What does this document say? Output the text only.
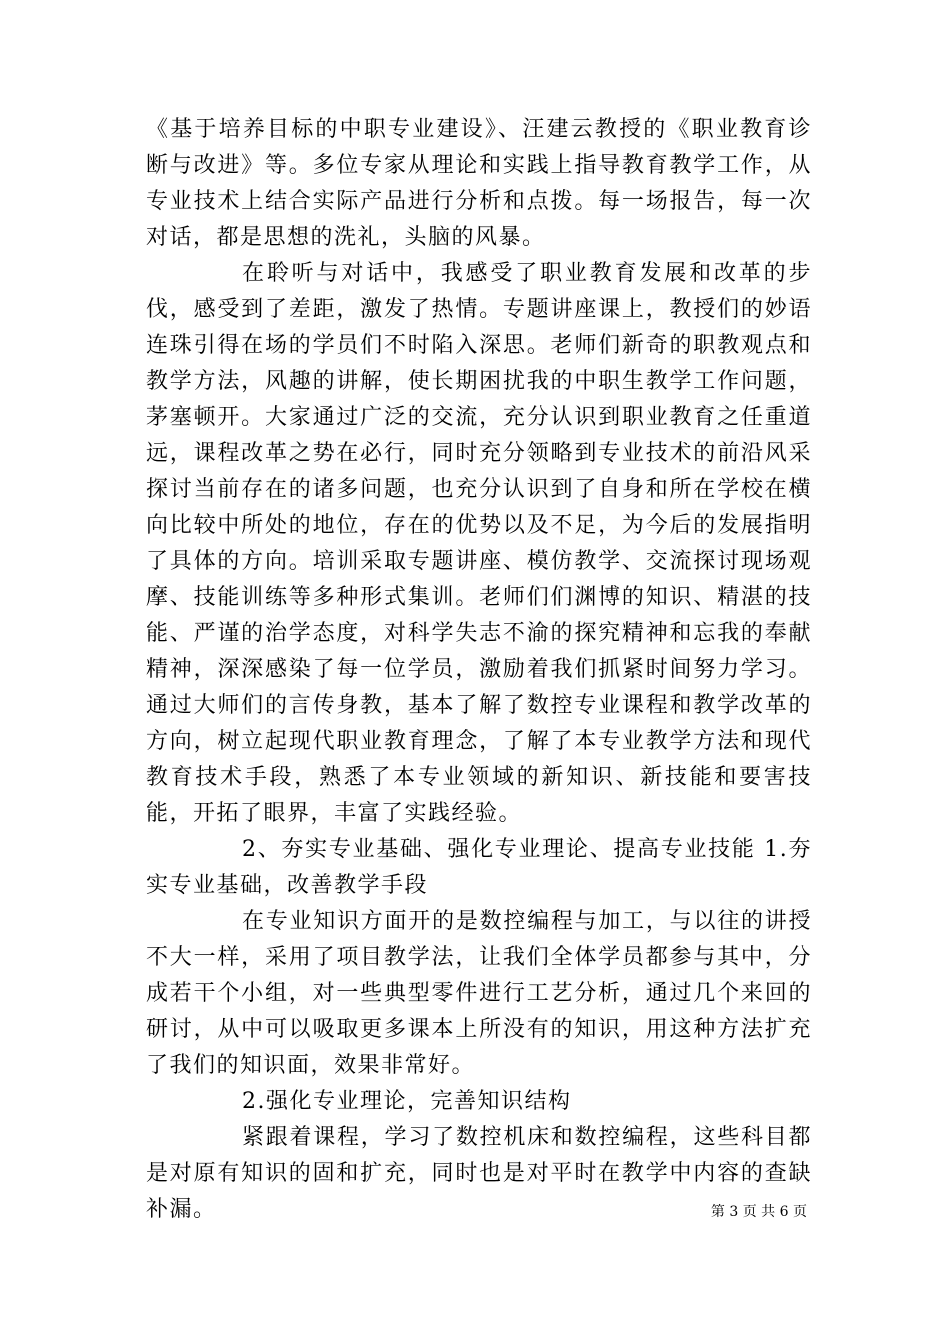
《基于培养目标的中职专业建设》、汪建云教授的《职业教育诊断与改进》等。多位专家从理论和实践上指导教育教学工作，从专业技术上结合实际产品进行分析和点拨。每一场报告，每一次对话，都是思想的洗礼，头脑的风暴。

在聆听与对话中，我感受了职业教育发展和改革的步伐，感受到了差距，激发了热情。专题讲座课上，教授们的妙语连珠引得在场的学员们不时陷入深思。老师们新奇的职教观点和教学方法，风趣的讲解，使长期困扰我的中职生教学工作问题，茅塞顿开。大家通过广泛的交流，充分认识到职业教育之任重道远，课程改革之势在必行，同时充分领略到专业技术的前沿风采探讨当前存在的诸多问题，也充分认识到了自身和所在学校在横向比较中所处的地位，存在的优势以及不足，为今后的发展指明了具体的方向。培训采取专题讲座、模仿教学、交流探讨现场观摩、技能训练等多种形式集训。老师们们渊博的知识、精湛的技能、严谨的治学态度，对科学失志不渝的探究精神和忘我的奉献精神，深深感染了每一位学员，激励着我们抓紧时间努力学习。通过大师们的言传身教，基本了解了数控专业课程和教学改革的方向，树立起现代职业教育理念，了解了本专业教学方法和现代教育技术手段，熟悉了本专业领域的新知识、新技能和要害技能，开拓了眼界，丰富了实践经验。

2、夯实专业基础、强化专业理论、提高专业技能 1.夯实专业基础，改善教学手段

在专业知识方面开的是数控编程与加工，与以往的讲授不大一样，采用了项目教学法，让我们全体学员都参与其中，分成若干个小组，对一些典型零件进行工艺分析，通过几个来回的研讨，从中可以吸取更多课本上所没有的知识，用这种方法扩充了我们的知识面，效果非常好。

2.强化专业理论，完善知识结构

紧跟着课程，学习了数控机床和数控编程，这些科目都是对原有知识的固和扩充，同时也是对平时在教学中内容的查缺补漏。	第 3 页 共 6 页
